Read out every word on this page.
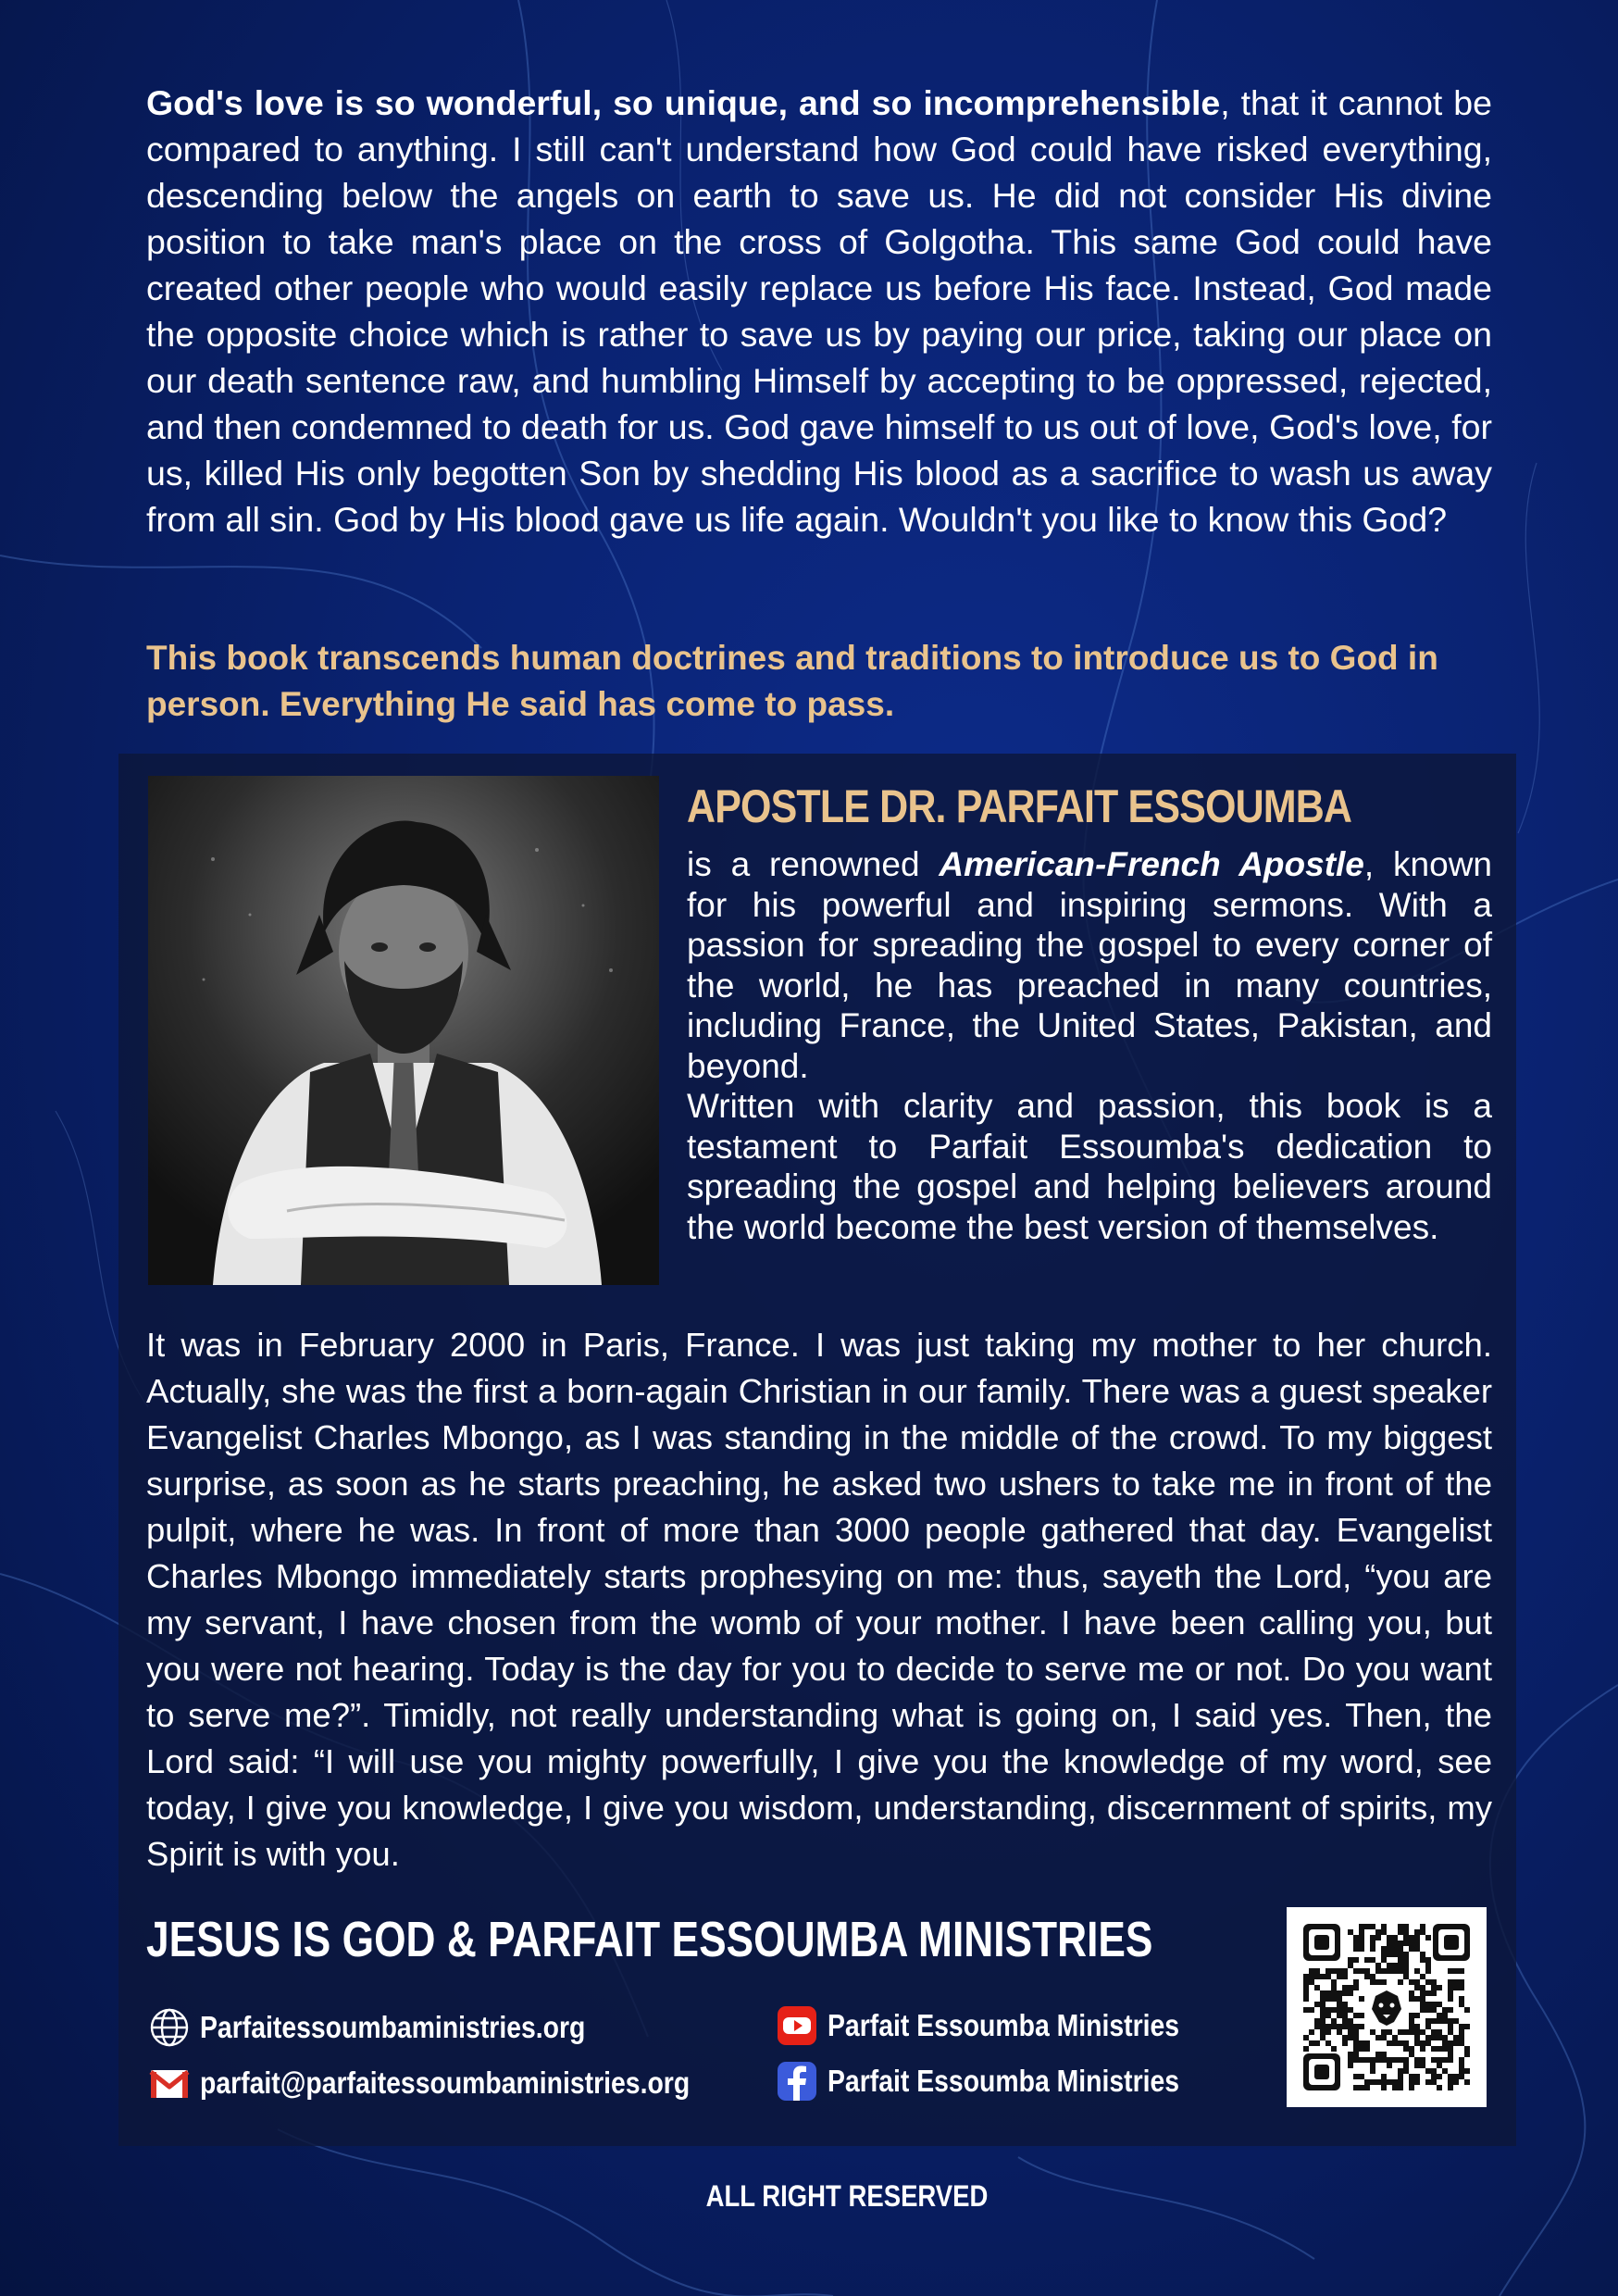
God's love is so wonderful, so unique, and so incomprehensible, that it cannot be compared to anything. I still can't understand how God could have risked everything, descending below the angels on earth to save us. He did not consider His divine position to take man's place on the cross of Golgotha. This same God could have created other people who would easily replace us before His face. Instead, God made the opposite choice which is rather to save us by paying our price, taking our place on our death sentence raw, and humbling Himself by accepting to be oppressed, rejected, and then condemned to death for us. God gave himself to us out of love, God's love, for us, killed His only begotten Son by shedding His blood as a sacrifice to wash us away from all sin. God by His blood gave us life again. Wouldn't you like to know this God?

This book transcends human doctrines and traditions to introduce us to God in person. Everything He said has come to pass.

APOSTLE DR. PARFAIT ESSOUMBA

is a renowned American-French Apostle, known for his powerful and inspiring sermons. With a passion for spreading the gospel to every corner of the world, he has preached in many countries, including France, the United States, Pakistan, and beyond.

Written with clarity and passion, this book is a testament to Parfait Essoumba's dedication to spreading the gospel and helping believers around the world become the best version of themselves.

It was in February 2000 in Paris, France. I was just taking my mother to her church. Actually, she was the first a born-again Christian in our family. There was a guest speaker Evangelist Charles Mbongo, as I was standing in the middle of the crowd. To my biggest surprise, as soon as he starts preaching, he asked two ushers to take me in front of the pulpit, where he was. In front of more than 3000 people gathered that day. Evangelist Charles Mbongo immediately starts prophesying on me: thus, sayeth the Lord, “you are my servant, I have chosen from the womb of your mother. I have been calling you, but you were not hearing. Today is the day for you to decide to serve me or not. Do you want to serve me?”. Timidly, not really understanding what is going on, I said yes. Then, the Lord said: “I will use you mighty powerfully, I give you the knowledge of my word, see today, I give you knowledge, I give you wisdom, understanding, discernment of spirits, my Spirit is with you.

JESUS IS GOD & PARFAIT ESSOUMBA MINISTRIES
Parfaitessoumbaministries.org
parfait@parfaitessoumbaministries.org
Parfait Essoumba Ministries
Parfait Essoumba Ministries

ALL RIGHT RESERVED
